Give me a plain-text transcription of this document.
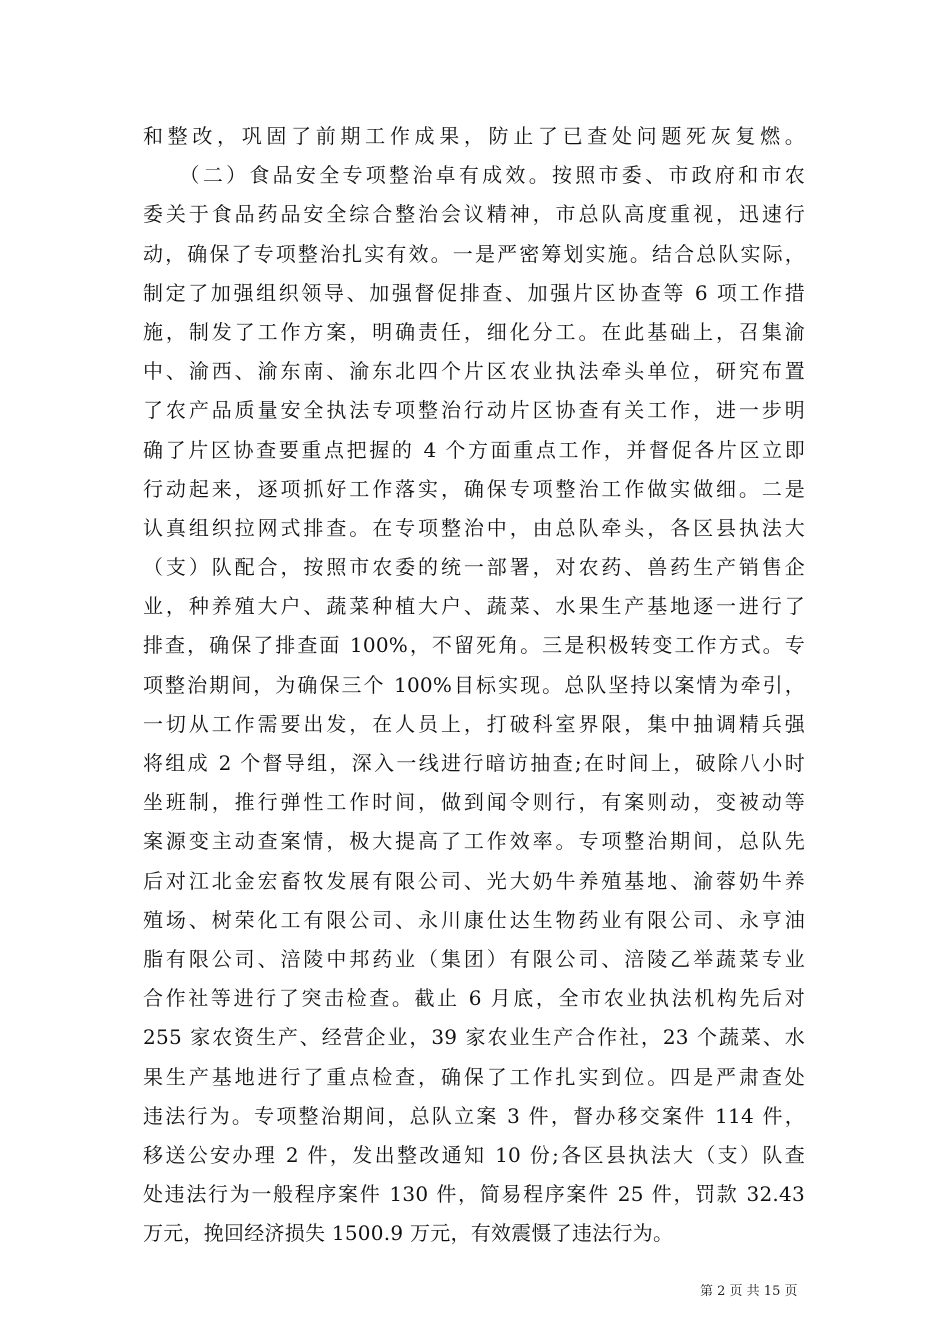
和整改，巩固了前期工作成果，防止了已查处问题死灰复燃。
　　（二）食品安全专项整治卓有成效。按照市委、市政府和市农
委关于食品药品安全综合整治会议精神，市总队高度重视，迅速行
动，确保了专项整治扎实有效。一是严密筹划实施。结合总队实际，
制定了加强组织领导、加强督促排查、加强片区协查等 6 项工作措
施，制发了工作方案，明确责任，细化分工。在此基础上，召集渝
中、渝西、渝东南、渝东北四个片区农业执法牵头单位，研究布置
了农产品质量安全执法专项整治行动片区协查有关工作，进一步明
确了片区协查要重点把握的 4 个方面重点工作，并督促各片区立即
行动起来，逐项抓好工作落实，确保专项整治工作做实做细。二是
认真组织拉网式排查。在专项整治中，由总队牵头，各区县执法大
（支）队配合，按照市农委的统一部署，对农药、兽药生产销售企
业，种养殖大户、蔬菜种植大户、蔬菜、水果生产基地逐一进行了
排查，确保了排查面 100%，不留死角。三是积极转变工作方式。专
项整治期间，为确保三个 100%目标实现。总队坚持以案情为牵引，
一切从工作需要出发，在人员上，打破科室界限，集中抽调精兵强
将组成 2 个督导组，深入一线进行暗访抽查;在时间上，破除八小时
坐班制，推行弹性工作时间，做到闻令则行，有案则动，变被动等
案源变主动查案情，极大提高了工作效率。专项整治期间，总队先
后对江北金宏畜牧发展有限公司、光大奶牛养殖基地、渝蓉奶牛养
殖场、树荣化工有限公司、永川康仕达生物药业有限公司、永亨油
脂有限公司、涪陵中邦药业（集团）有限公司、涪陵乙举蔬菜专业
合作社等进行了突击检查。截止 6 月底，全市农业执法机构先后对
255 家农资生产、经营企业，39 家农业生产合作社，23 个蔬菜、水
果生产基地进行了重点检查，确保了工作扎实到位。四是严肃查处
违法行为。专项整治期间，总队立案 3 件，督办移交案件 114 件，
移送公安办理 2 件，发出整改通知 10 份;各区县执法大（支）队查
处违法行为一般程序案件 130 件，简易程序案件 25 件，罚款 32.43
万元，挽回经济损失 1500.9 万元，有效震慑了违法行为。
第 2 页 共 15 页
